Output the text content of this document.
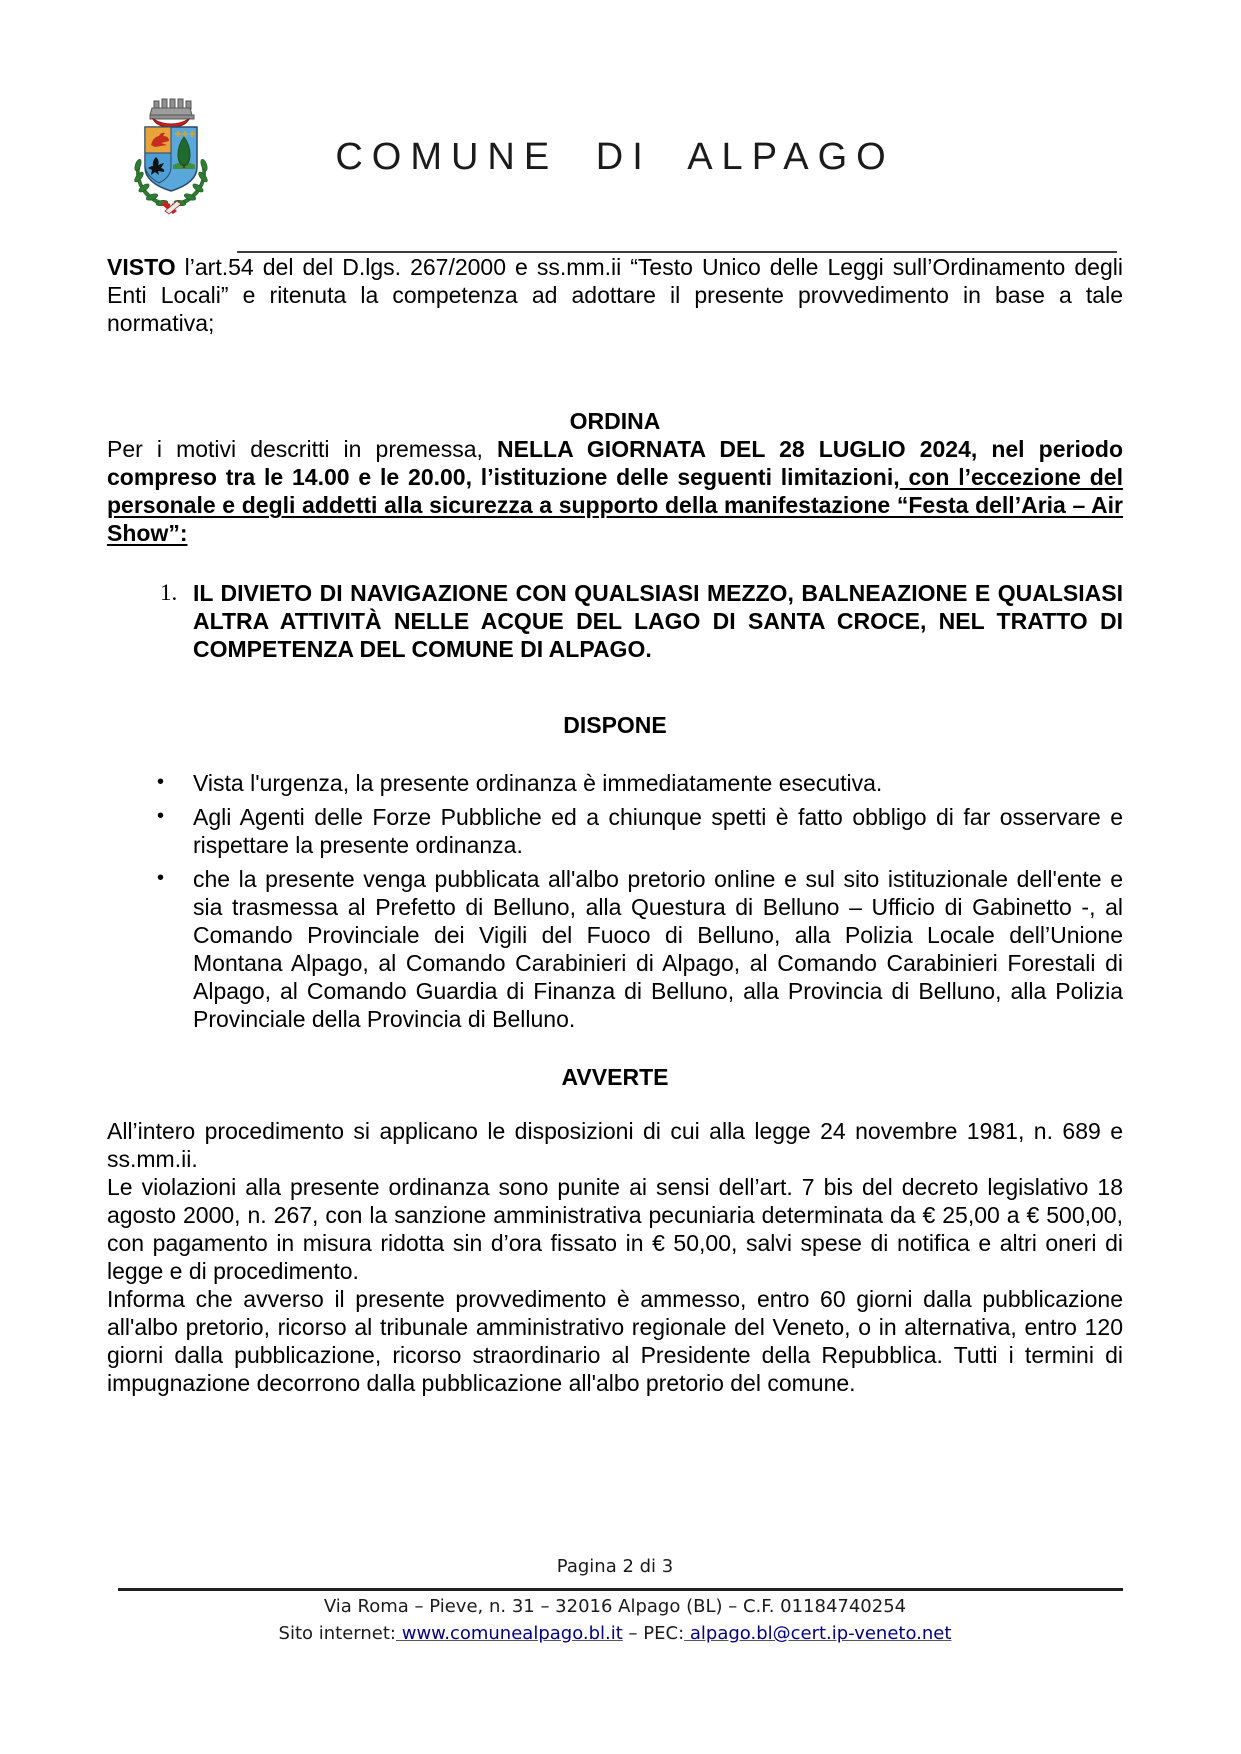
COMUNE DI ALPAGO

VISTO l’art.54 del del D.lgs. 267/2000 e ss.mm.ii “Testo Unico delle Leggi sull’Ordinamento degli Enti Locali” e ritenuta la competenza ad adottare il presente provvedimento in base a tale normativa;

ORDINA

Per i motivi descritti in premessa, NELLA GIORNATA DEL 28 LUGLIO 2024, nel periodo compreso tra le 14.00 e le 20.00, l’istituzione delle seguenti limitazioni, con l’eccezione del personale e degli addetti alla sicurezza a supporto della manifestazione “Festa dell’Aria – Air Show”:

1. IL DIVIETO DI NAVIGAZIONE CON QUALSIASI MEZZO, BALNEAZIONE E QUALSIASI ALTRA ATTIVITÀ NELLE ACQUE DEL LAGO DI SANTA CROCE, NEL TRATTO DI COMPETENZA DEL COMUNE DI ALPAGO.
DISPONE
• Vista l'urgenza, la presente ordinanza è immediatamente esecutiva.
• Agli Agenti delle Forze Pubbliche ed a chiunque spetti è fatto obbligo di far osservare e rispettare la presente ordinanza.
• che la presente venga pubblicata all'albo pretorio online e sul sito istituzionale dell'ente e sia trasmessa al Prefetto di Belluno, alla Questura di Belluno – Ufficio di Gabinetto -, al Comando Provinciale dei Vigili del Fuoco di Belluno, alla Polizia Locale dell’Unione Montana Alpago, al Comando Carabinieri di Alpago, al Comando Carabinieri Forestali di Alpago, al Comando Guardia di Finanza di Belluno, alla Provincia di Belluno, alla Polizia Provinciale della Provincia di Belluno.
AVVERTE

All’intero procedimento si applicano le disposizioni di cui alla legge 24 novembre 1981, n. 689 e ss.mm.ii.

Le violazioni alla presente ordinanza sono punite ai sensi dell’art. 7 bis del decreto legislativo 18 agosto 2000, n. 267, con la sanzione amministrativa pecuniaria determinata da € 25,00 a € 500,00, con pagamento in misura ridotta sin d’ora fissato in € 50,00, salvi spese di notifica e altri oneri di legge e di procedimento.

Informa che avverso il presente provvedimento è ammesso, entro 60 giorni dalla pubblicazione all'albo pretorio, ricorso al tribunale amministrativo regionale del Veneto, o in alternativa, entro 120 giorni dalla pubblicazione, ricorso straordinario al Presidente della Repubblica. Tutti i termini di impugnazione decorrono dalla pubblicazione all'albo pretorio del comune.

Pagina 2 di 3
Via Roma – Pieve, n. 31 – 32016 Alpago (BL) – C.F. 01184740254
Sito internet: www.comunealpago.bl.it – PEC: alpago.bl@cert.ip-veneto.net
